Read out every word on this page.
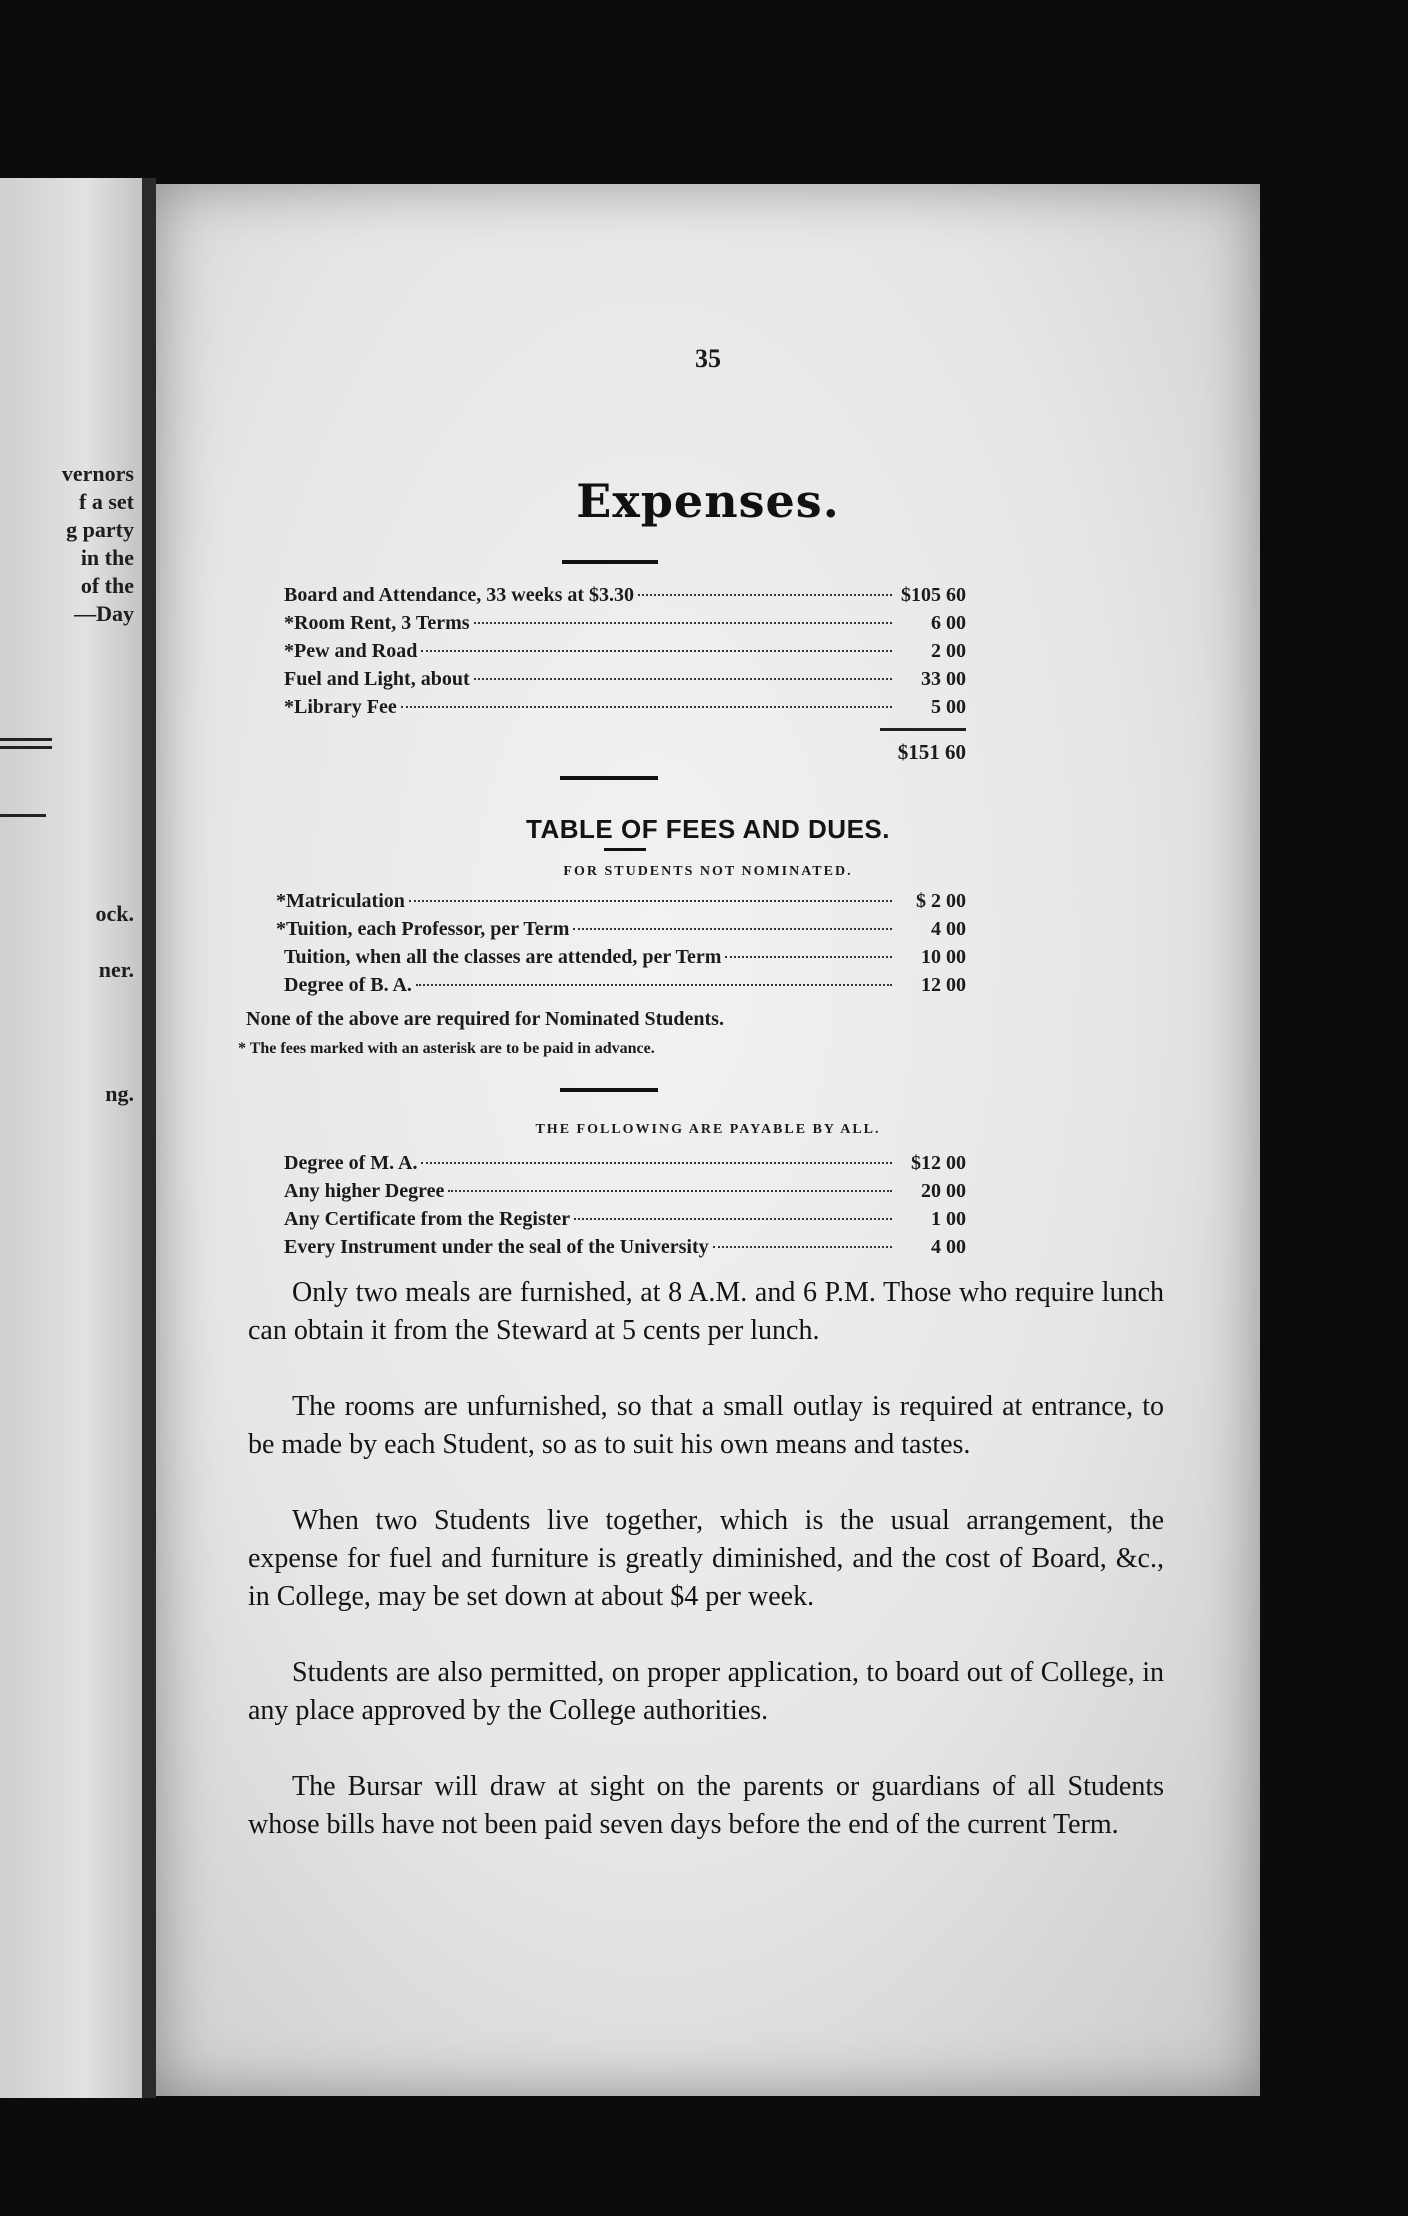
vernors
f a set
g party
in the
of the
—Day
ock.
ner.
ng.
35
Expenses.
Board and Attendance, 33 weeks at $3.30	$105 60
*Room Rent, 3 Terms	6 00
*Pew and Road	2 00
Fuel and Light, about	33 00
*Library Fee	5 00
$151 60
TABLE OF FEES AND DUES.
FOR STUDENTS NOT NOMINATED.
*Matriculation	$ 2 00
*Tuition, each Professor, per Term	4 00
Tuition, when all the classes are attended, per Term	10 00
Degree of B. A.	12 00
None of the above are required for Nominated Students.
* The fees marked with an asterisk are to be paid in advance.
THE FOLLOWING ARE PAYABLE BY ALL.
Degree of M. A.	$12 00
Any higher Degree	20 00
Any Certificate from the Register	1 00
Every Instrument under the seal of the University	4 00
Only two meals are furnished, at 8 A.M. and 6 P.M. Those who require lunch can obtain it from the Steward at 5 cents per lunch.
The rooms are unfurnished, so that a small outlay is required at entrance, to be made by each Student, so as to suit his own means and tastes.
When two Students live together, which is the usual arrangement, the expense for fuel and furniture is greatly diminished, and the cost of Board, &c., in College, may be set down at about $4 per week.
Students are also permitted, on proper application, to board out of College, in any place approved by the College authorities.
The Bursar will draw at sight on the parents or guardians of all Students whose bills have not been paid seven days before the end of the current Term.
